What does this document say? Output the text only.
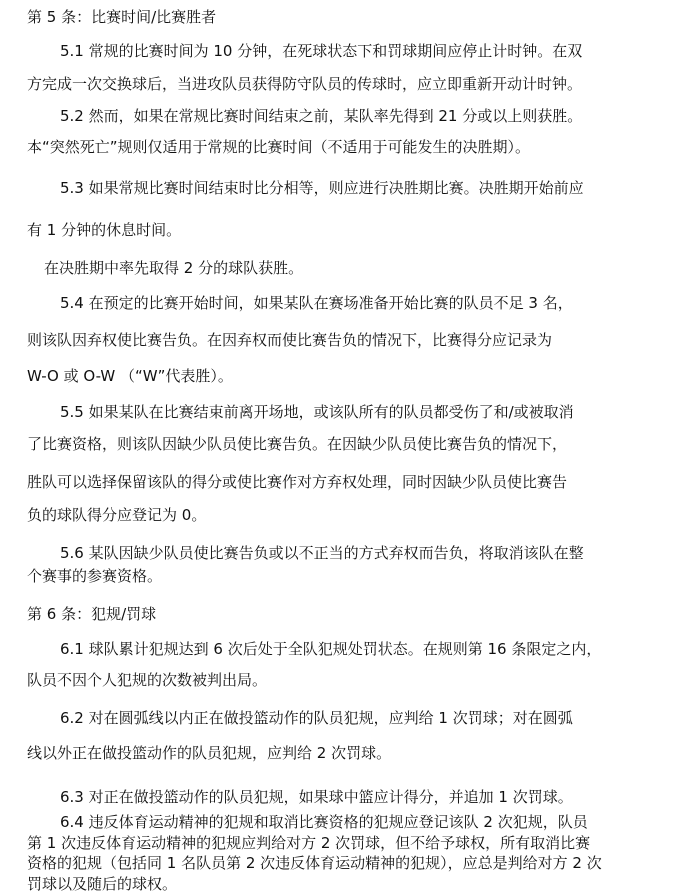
第 5 条：比赛时间/比赛胜者
5.1 常规的比赛时间为 10 分钟，在死球状态下和罚球期间应停止计时钟。在双
方完成一次交换球后，当进攻队员获得防守队员的传球时，应立即重新开动计时钟。
5.2 然而，如果在常规比赛时间结束之前，某队率先得到 21 分或以上则获胜。
本“突然死亡”规则仅适用于常规的比赛时间（不适用于可能发生的决胜期）。
5.3 如果常规比赛时间结束时比分相等，则应进行决胜期比赛。决胜期开始前应
有 1 分钟的休息时间。
在决胜期中率先取得 2 分的球队获胜。
5.4 在预定的比赛开始时间，如果某队在赛场准备开始比赛的队员不足 3 名，
则该队因弃权使比赛告负。在因弃权而使比赛告负的情况下，比赛得分应记录为
W-O 或 O-W （“W”代表胜）。
5.5 如果某队在比赛结束前离开场地，或该队所有的队员都受伤了和/或被取消
了比赛资格，则该队因缺少队员使比赛告负。在因缺少队员使比赛告负的情况下，
胜队可以选择保留该队的得分或使比赛作对方弃权处理，同时因缺少队员使比赛告
负的球队得分应登记为 0。
5.6 某队因缺少队员使比赛告负或以不正当的方式弃权而告负，将取消该队在整
个赛事的参赛资格。
第 6 条：犯规/罚球
6.1 球队累计犯规达到 6 次后处于全队犯规处罚状态。在规则第 16 条限定之内，
队员不因个人犯规的次数被判出局。
6.2 对在圆弧线以内正在做投篮动作的队员犯规，应判给 1 次罚球；对在圆弧
线以外正在做投篮动作的队员犯规，应判给 2 次罚球。
6.3 对正在做投篮动作的队员犯规，如果球中篮应计得分，并追加 1 次罚球。
6.4 违反体育运动精神的犯规和取消比赛资格的犯规应登记该队 2 次犯规，队员
第 1 次违反体育运动精神的犯规应判给对方 2 次罚球，但不给予球权，所有取消比赛
资格的犯规（包括同 1 名队员第 2 次违反体育运动精神的犯规），应总是判给对方 2 次
罚球以及随后的球权。
